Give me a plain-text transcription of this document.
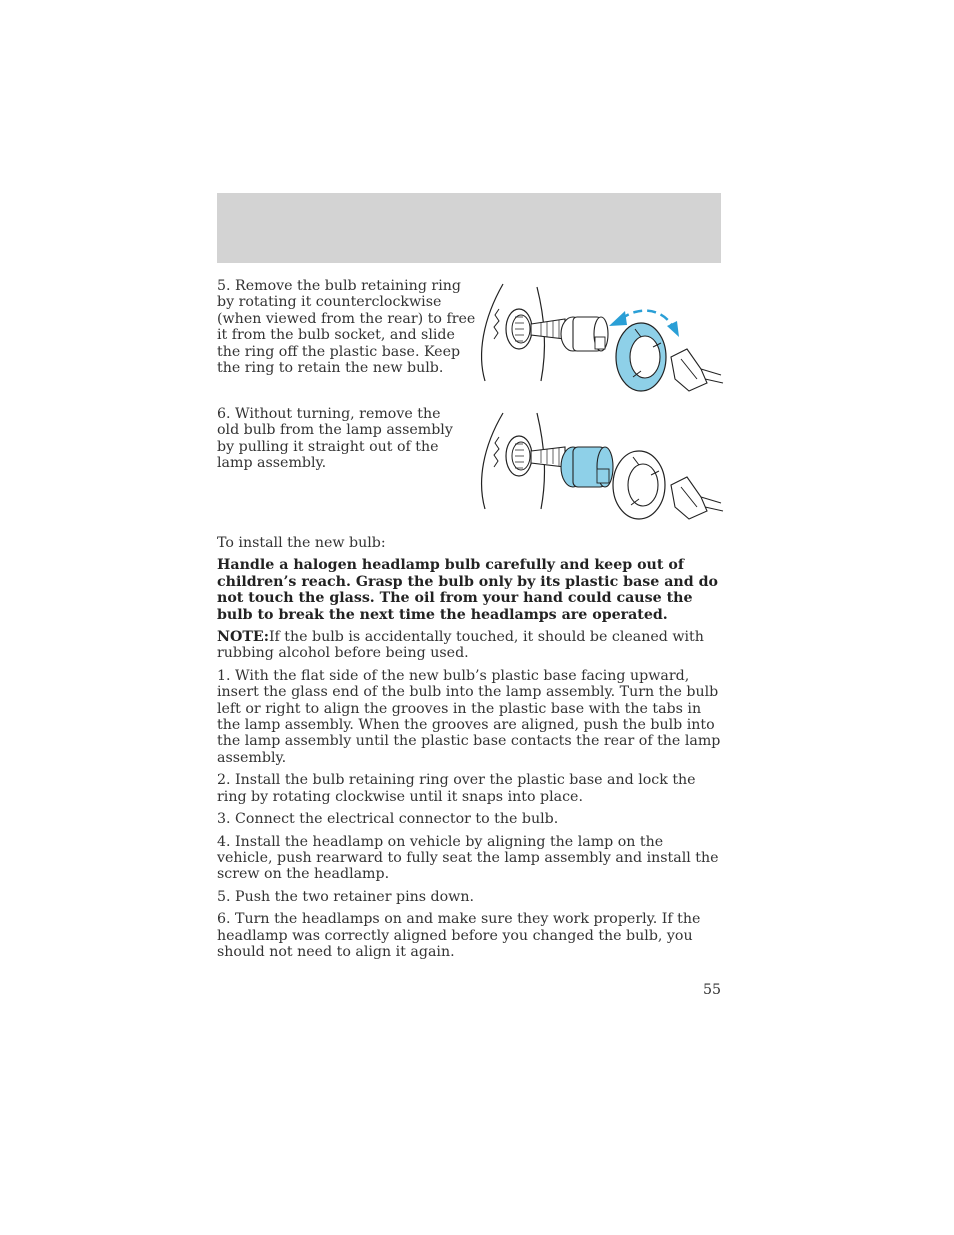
5. Remove the bulb retaining ring by rotating it counterclockwise (when viewed from the rear) to free it from the bulb socket, and slide the ring off the plastic base. Keep the ring to retain the new bulb.

6. Without turning, remove the old bulb from the lamp assembly by pulling it straight out of the lamp assembly.

To install the new bulb:

Handle a halogen headlamp bulb carefully and keep out of children’s reach. Grasp the bulb only by its plastic base and do not touch the glass. The oil from your hand could cause the bulb to break the next time the headlamps are operated.

NOTE:If the bulb is accidentally touched, it should be cleaned with rubbing alcohol before being used.

1. With the flat side of the new bulb’s plastic base facing upward, insert the glass end of the bulb into the lamp assembly. Turn the bulb left or right to align the grooves in the plastic base with the tabs in the lamp assembly. When the grooves are aligned, push the bulb into the lamp assembly until the plastic base contacts the rear of the lamp assembly.

2. Install the bulb retaining ring over the plastic base and lock the ring by rotating clockwise until it snaps into place.

3. Connect the electrical connector to the bulb.

4. Install the headlamp on vehicle by aligning the lamp on the vehicle, push rearward to fully seat the lamp assembly and install the screw on the headlamp.

5. Push the two retainer pins down.

6. Turn the headlamps on and make sure they work properly. If the headlamp was correctly aligned before you changed the bulb, you should not need to align it again.

55
